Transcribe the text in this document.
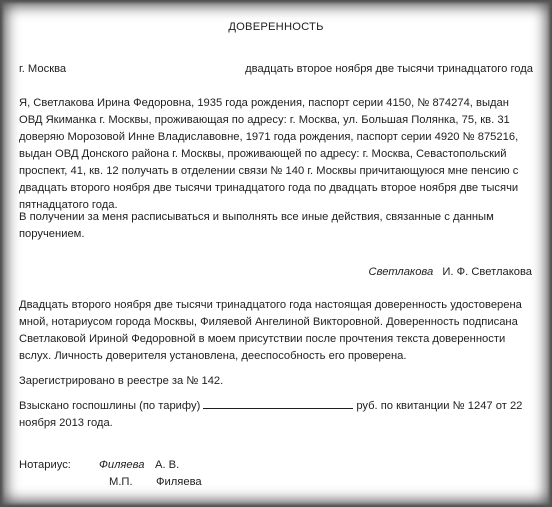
ДОВЕРЕННОСТЬ
г. Москва	двадцать второе ноября две тысячи тринадцатого года
Я, Светлакова Ирина Федоровна, 1935 года рождения, паспорт серии 4150, № 874274, выдан ОВД Якиманка г. Москвы, проживающая по адресу: г. Москва, ул. Большая Полянка, 75, кв. 31 доверяю Морозовой Инне Владиславовне, 1971 года рождения, паспорт серии 4920 № 875216, выдан ОВД Донского района г. Москвы, проживающей по адресу: г. Москва, Севастопольский проспект, 41, кв. 12 получать в отделении связи № 140 г. Москвы причитающуюся мне пенсию с двадцать второго ноября две тысячи тринадцатого года по двадцать второе ноября две тысячи пятнадцатого года.
В получении за меня расписываться и выполнять все иные действия, связанные с данным поручением.
Светлакова И. Ф. Светлакова
Двадцать второго ноября две тысячи тринадцатого года настоящая доверенность удостоверена мной, нотариусом города Москвы, Филяевой Ангелиной Викторовной. Доверенность подписана Светлаковой Ириной Федоровной в моем присутствии после прочтения текста доверенности вслух. Личность доверителя установлена, дееспособность его проверена.
Зарегистрировано в реестре за № 142.
Взыскано госпошлины (по тарифу)	руб. по квитанции № 1247 от 22 ноября 2013 года.
Нотариус:	Филяева А. В.
М.П. Филяева
